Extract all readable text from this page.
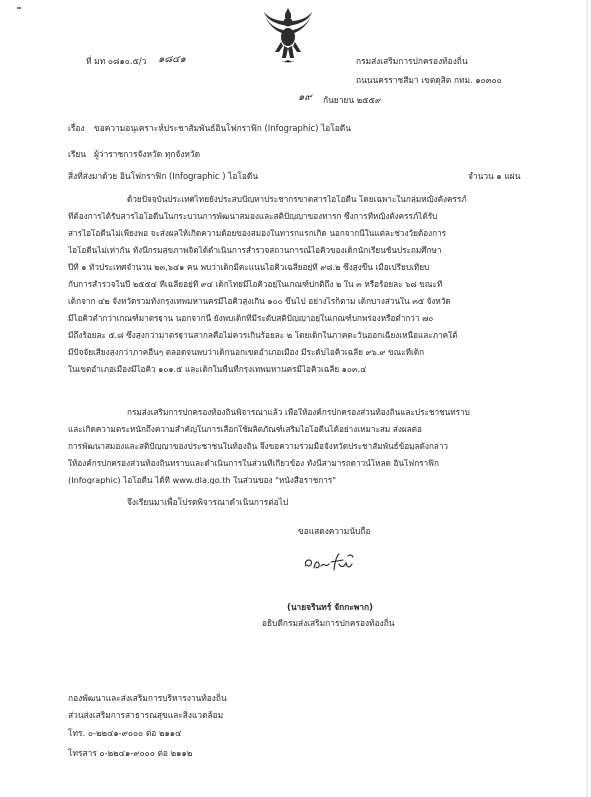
ที่ มท ๐๘๑๐.๕/ว ๑๘๔๑	กรมส่งเสริมการปกครองท้องถิ่น
ถนนนครราชสีมา เขตดุสิต กทม. ๑๐๓๐๐
๑๙ กันยายน ๒๕๕๙
เรื่อง ขอความอนุเคราะห์ประชาสัมพันธ์อินโฟกราฟิก (Infographic) ไอโอดีน
เรียน ผู้ว่าราชการจังหวัด ทุกจังหวัด
สิ่งที่ส่งมาด้วย อินโฟกราฟิก (Infographic ) ไอโอดีน	จำนวน ๑ แผ่น
ด้วยปัจจุบันประเทศไทยยังประสบปัญหาประชากรขาดสารไอโอดีน โดยเฉพาะในกลุ่มหญิงตั้งครรภ์
ที่ต้องการได้รับสารไอโอดีนในกระบวนการพัฒนาสมองและสติปัญญาของทารก ซึ่งการที่หญิงตั้งครรภ์ได้รับ
สารไอโอดีนไม่เพียงพอ จะส่งผลให้เกิดความด้อยของสมองในทารกแรกเกิด นอกจากนี้ในแต่ละช่วงวัยต้องการ
ไอโอดีนไม่เท่ากัน ทั้งนี้กรมสุขภาพจิตได้ดำเนินการสำรวจสถานการณ์ไอคิวของเด็กนักเรียนชั้นประถมศึกษา
ปีที่ ๑ ทั่วประเทศจำนวน ๒๓,๖๔๑ คน พบว่าเด็กมีคะแนนไอคิวเฉลี่ยอยู่ที่ ๙๘.๒ ซึ่งสูงขึ้น เมื่อเปรียบเทียบ
กับการสำรวจในปี ๒๕๕๔ ที่เฉลี่ยอยู่ที่ ๙๔ เด็กไทยมีไอคิวอยู่ในเกณฑ์ปกติถึง ๒ ใน ๓ หรือร้อยละ ๖๘ ขณะที่
เด็กจาก ๔๒ จังหวัดรวมทั้งกรุงเทพมหานครมีไอคิวสูงเกิน ๑๐๐ ขึ้นไป อย่างไรก็ตาม เด็กบางส่วนใน ๓๕ จังหวัด
มีไอคิวต่ำกว่าเกณฑ์มาตรฐาน นอกจากนี้ ยังพบเด็กที่มีระดับสติปัญญาอยู่ในเกณฑ์บกพร่องหรือต่ำกว่า ๗๐
มีถึงร้อยละ ๕.๘ ซึ่งสูงกว่ามาตรฐานสากลคือไม่ควรเกินร้อยละ ๒ โดยเด็กในภาคตะวันออกเฉียงเหนือและภาคใต้
มีปัจจัยเสี่ยงสูงกว่าภาคอื่นๆ ตลอดจนพบว่าเด็กนอกเขตอำเภอเมือง มีระดับไอคิวเฉลี่ย ๙๖.๙ ขณะที่เด็ก
ในเขตอำเภอเมืองมีไอคิว ๑๐๑.๕ และเด็กในพื้นที่กรุงเทพมหานครมีไอคิวเฉลี่ย ๑๐๓.๔
กรมส่งเสริมการปกครองท้องถิ่นพิจารณาแล้ว เพื่อให้องค์กรปกครองส่วนท้องถิ่นและประชาชนทราบ
และเกิดความตระหนักถึงความสำคัญในการเลือกใช้ผลิตภัณฑ์เสริมไอโอดีนได้อย่างเหมาะสม ส่งผลต่อ
การพัฒนาสมองและสติปัญญาของประชาชนในท้องถิ่น จึงขอความร่วมมือจังหวัดประชาสัมพันธ์ข้อมูลดังกล่าว
ให้องค์กรปกครองส่วนท้องถิ่นทราบและดำเนินการในส่วนที่เกี่ยวข้อง ทั้งนี้สามารถดาวน์โหลด อินโฟกราฟิก
(Infographic) ไอโอดีน ได้ที่ www.dla.go.th ในส่วนของ "หนังสือราชการ"
จึงเรียนมาเพื่อโปรดพิจารณาดำเนินการต่อไป
ขอแสดงความนับถือ
(นายจรินทร์ จักกะพาก)
อธิบดีกรมส่งเสริมการปกครองท้องถิ่น
กองพัฒนาและส่งเสริมการบริหารงานท้องถิ่น
ส่วนส่งเสริมการสาธารณสุขและสิ่งแวดล้อม
โทร. ๐-๒๒๔๑-๙๐๐๐ ต่อ ๒๑๑๔
โทรสาร ๐-๒๒๔๑-๙๐๐๐ ต่อ ๒๑๑๒
